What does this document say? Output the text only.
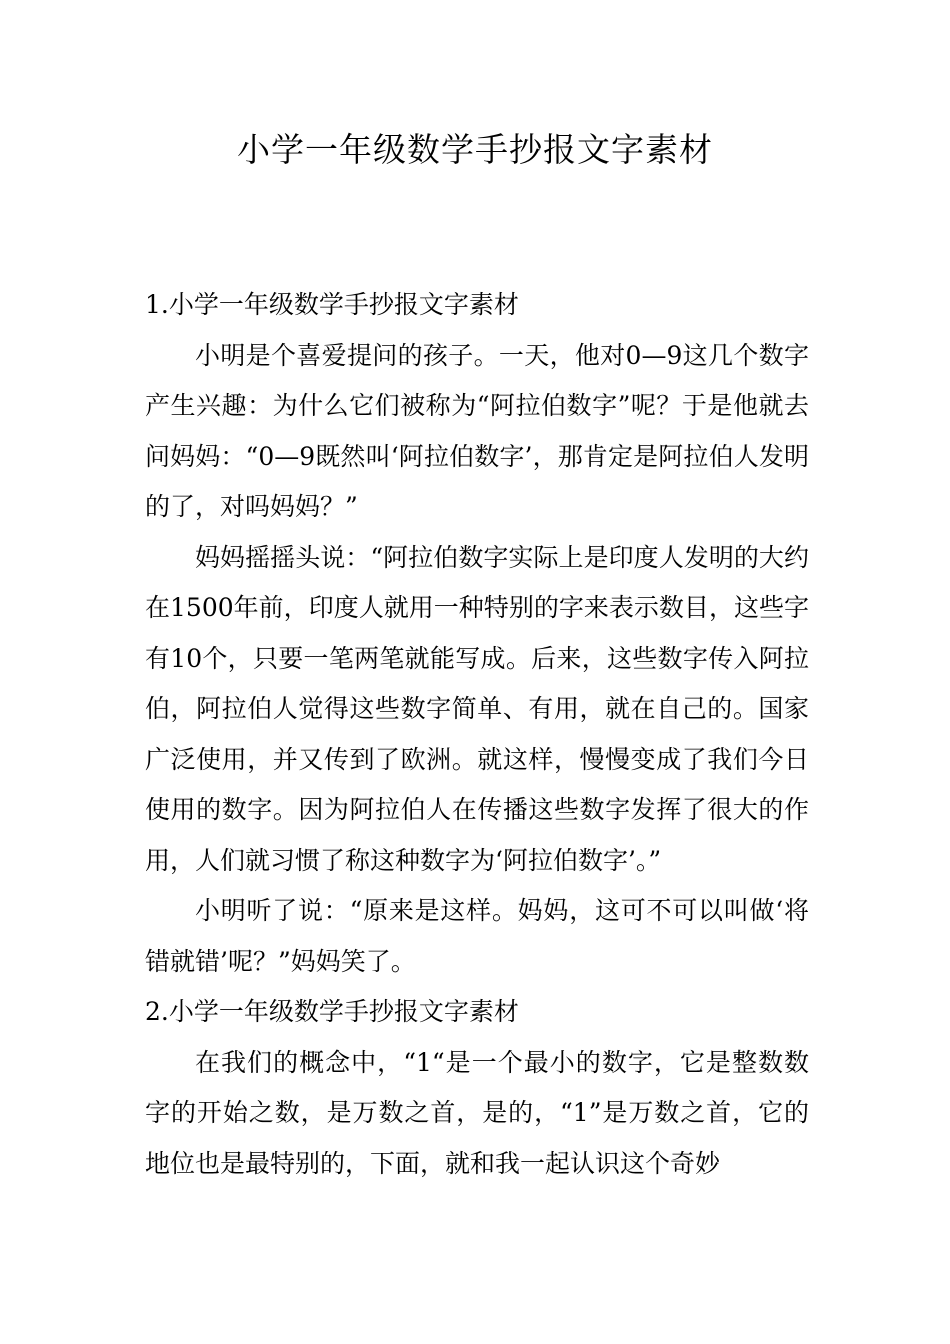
小学一年级数学手抄报文字素材

1.小学一年级数学手抄报文字素材

小明是个喜爱提问的孩子。一天，他对0—9这几个数字产生兴趣：为什么它们被称为“阿拉伯数字”呢？于是他就去问妈妈：“0—9既然叫‘阿拉伯数字’，那肯定是阿拉伯人发明的了，对吗妈妈？”

妈妈摇摇头说：“阿拉伯数字实际上是印度人发明的大约在1500年前，印度人就用一种特别的字来表示数目，这些字有10个，只要一笔两笔就能写成。后来，这些数字传入阿拉伯，阿拉伯人觉得这些数字简单、有用，就在自己的。国家广泛使用，并又传到了欧洲。就这样，慢慢变成了我们今日使用的数字。因为阿拉伯人在传播这些数字发挥了很大的作用，人们就习惯了称这种数字为‘阿拉伯数字’。”

小明听了说：“原来是这样。妈妈，这可不可以叫做‘将错就错’呢？”妈妈笑了。

2.小学一年级数学手抄报文字素材

在我们的概念中，“1“是一个最小的数字，它是整数数字的开始之数，是万数之首，是的，“1”是万数之首，它的地位也是最特别的，下面，就和我一起认识这个奇妙
